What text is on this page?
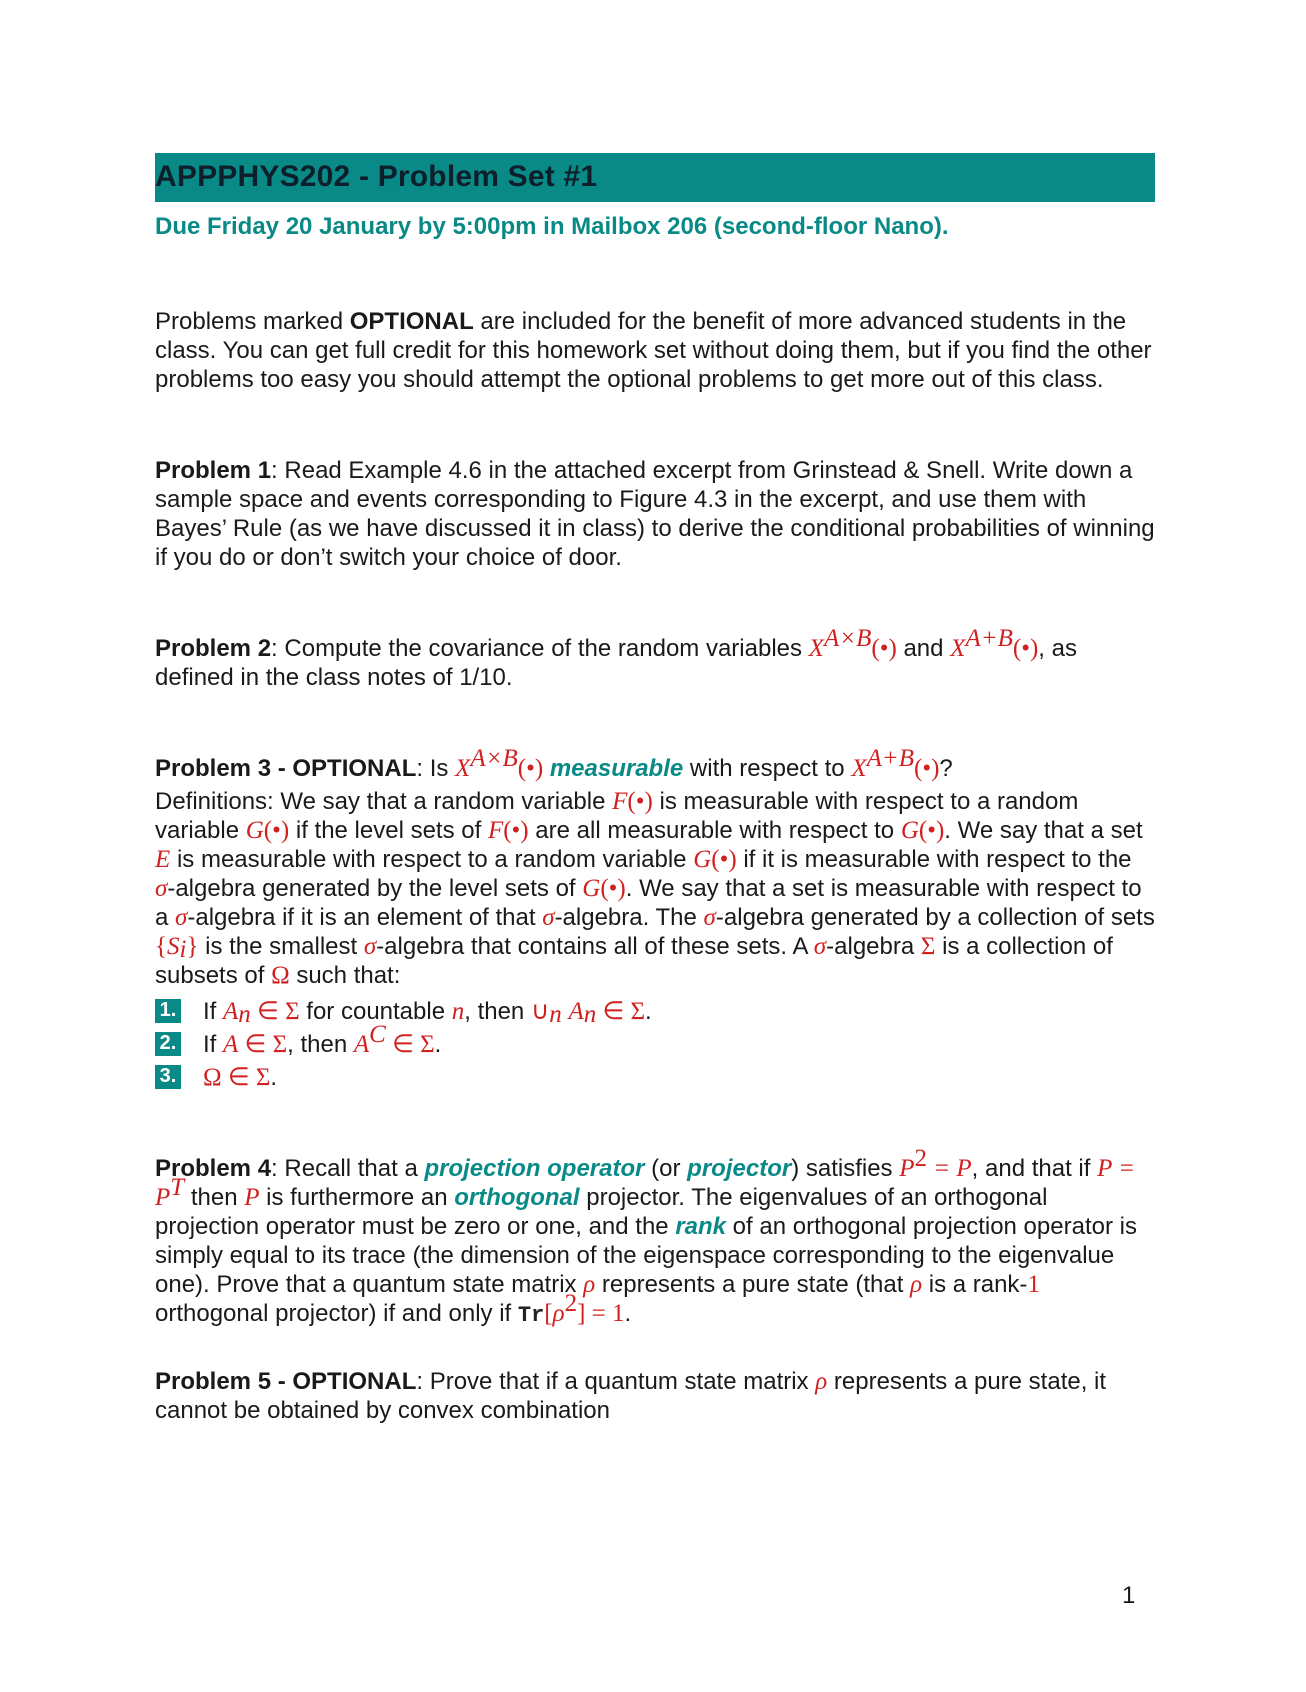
APPPHYS202 - Problem Set #1
Due Friday 20 January by 5:00pm in Mailbox 206 (second-floor Nano).

Problems marked OPTIONAL are included for the benefit of more advanced students in the class. You can get full credit for this homework set without doing them, but if you find the other problems too easy you should attempt the optional problems to get more out of this class.

Problem 1: Read Example 4.6 in the attached excerpt from Grinstead & Snell. Write down a sample space and events corresponding to Figure 4.3 in the excerpt, and use them with Bayes’ Rule (as we have discussed it in class) to derive the conditional probabilities of winning if you do or don’t switch your choice of door.

Problem 2: Compute the covariance of the random variables $X^{A\times B}(•)$ and $X^{A+B}(•)$, as defined in the class notes of 1/10.

Problem 3 - OPTIONAL: Is $X^{A\times B}(•)$ measurable with respect to $X^{A+B}(•)$?

Definitions: We say that a random variable F(•) is measurable with respect to a random variable G(•) if the level sets of F(•) are all measurable with respect to G(•). We say that a set E is measurable with respect to a random variable G(•) if it is measurable with respect to the σ-algebra generated by the level sets of G(•). We say that a set is measurable with respect to a σ-algebra if it is an element of that σ-algebra. The σ-algebra generated by a collection of sets $\{S_i\}$ is the smallest σ-algebra that contains all of these sets. A σ-algebra Σ is a collection of subsets of Ω such that:

1. If $A_n$ ∈ Σ for countable n, then $\cup_n$ $A_n$ ∈ Σ.
2. If A ∈ Σ, then $A^C$ ∈ Σ.
3. Ω ∈ Σ.

Problem 4: Recall that a projection operator (or projector) satisfies $P^2 = P$, and that if $P = P^T$ then P is furthermore an orthogonal projector. The eigenvalues of an orthogonal projection operator must be zero or one, and the rank of an orthogonal projection operator is simply equal to its trace (the dimension of the eigenspace corresponding to the eigenvalue one). Prove that a quantum state matrix ρ represents a pure state (that ρ is a rank-1 orthogonal projector) if and only if $Tr[\rho^2] = 1$.

Problem 5 - OPTIONAL: Prove that if a quantum state matrix ρ represents a pure state, it cannot be obtained by convex combination

1
